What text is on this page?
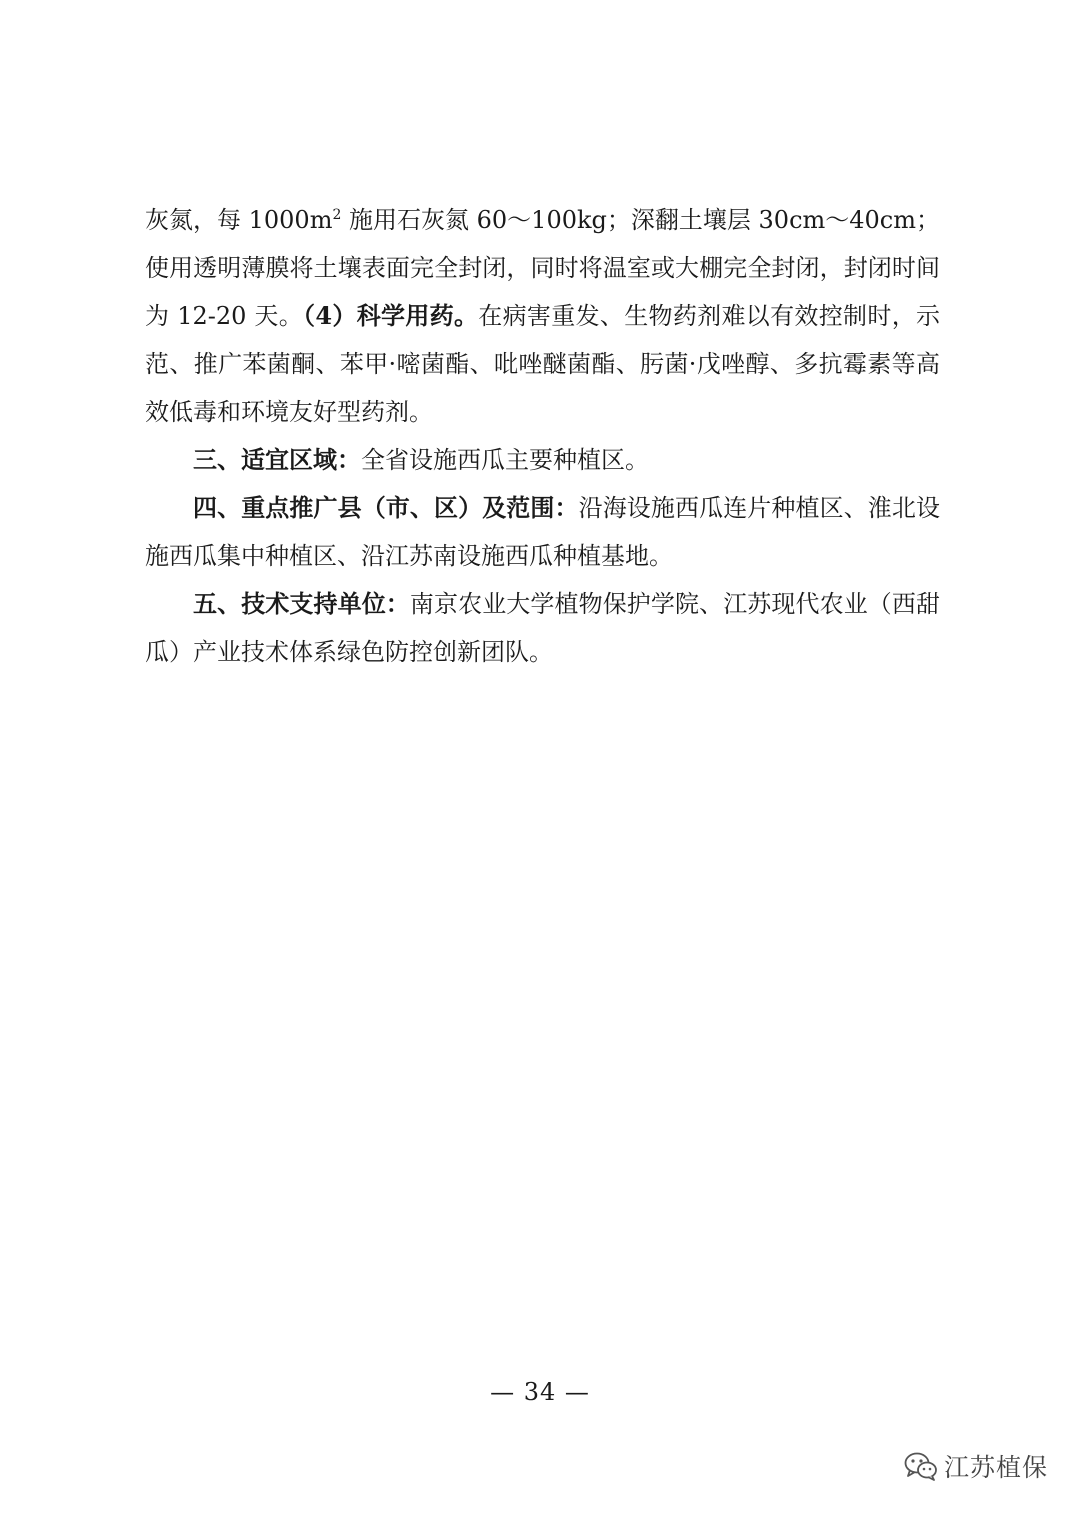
灰氮，每 $1000m^2$ 施用石灰氮 60～100kg；深翻土壤层 30cm～40cm；使用透明薄膜将土壤表面完全封闭，同时将温室或大棚完全封闭，封闭时间为 12-20 天。（4）科学用药。在病害重发、生物药剂难以有效控制时，示范、推广苯菌酮、苯甲·嘧菌酯、吡唑醚菌酯、肟菌·戊唑醇、多抗霉素等高效低毒和环境友好型药剂。

三、适宜区域：全省设施西瓜主要种植区。

四、重点推广县（市、区）及范围：沿海设施西瓜连片种植区、淮北设施西瓜集中种植区、沿江苏南设施西瓜种植基地。

五、技术支持单位：南京农业大学植物保护学院、江苏现代农业（西甜瓜）产业技术体系绿色防控创新团队。

— 34 —
江苏植保
